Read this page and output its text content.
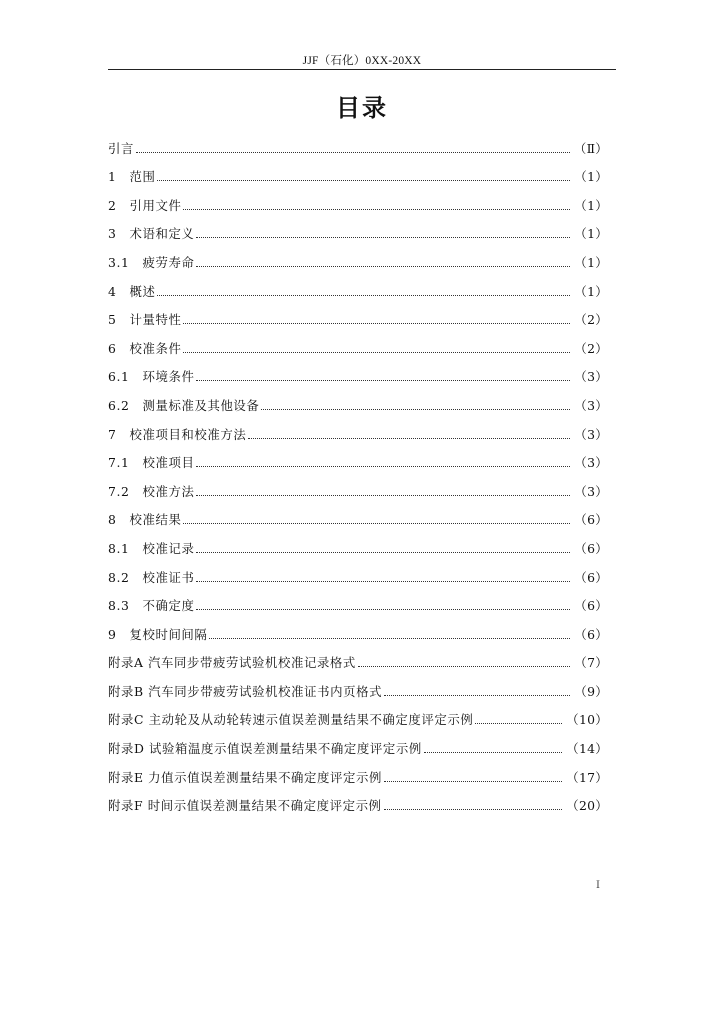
JJF（石化）0XX-20XX
目录
引言	（Ⅱ）
1　范围	（1）
2　引用文件	（1）
3　术语和定义	（1）
3.1　疲劳寿命	（1）
4　概述	（1）
5　计量特性	（2）
6　校准条件	（2）
6.1　环境条件	（3）
6.2　测量标准及其他设备	（3）
7　校准项目和校准方法	（3）
7.1　校准项目	（3）
7.2　校准方法	（3）
8　校准结果	（6）
8.1　校准记录	（6）
8.2　校准证书	（6）
8.3　不确定度	（6）
9　复校时间间隔	（6）
附录A 汽车同步带疲劳试验机校准记录格式	（7）
附录B 汽车同步带疲劳试验机校准证书内页格式	（9）
附录C 主动轮及从动轮转速示值误差测量结果不确定度评定示例	（10）
附录D 试验箱温度示值误差测量结果不确定度评定示例	（14）
附录E 力值示值误差测量结果不确定度评定示例	（17）
附录F 时间示值误差测量结果不确定度评定示例	（20）
I
